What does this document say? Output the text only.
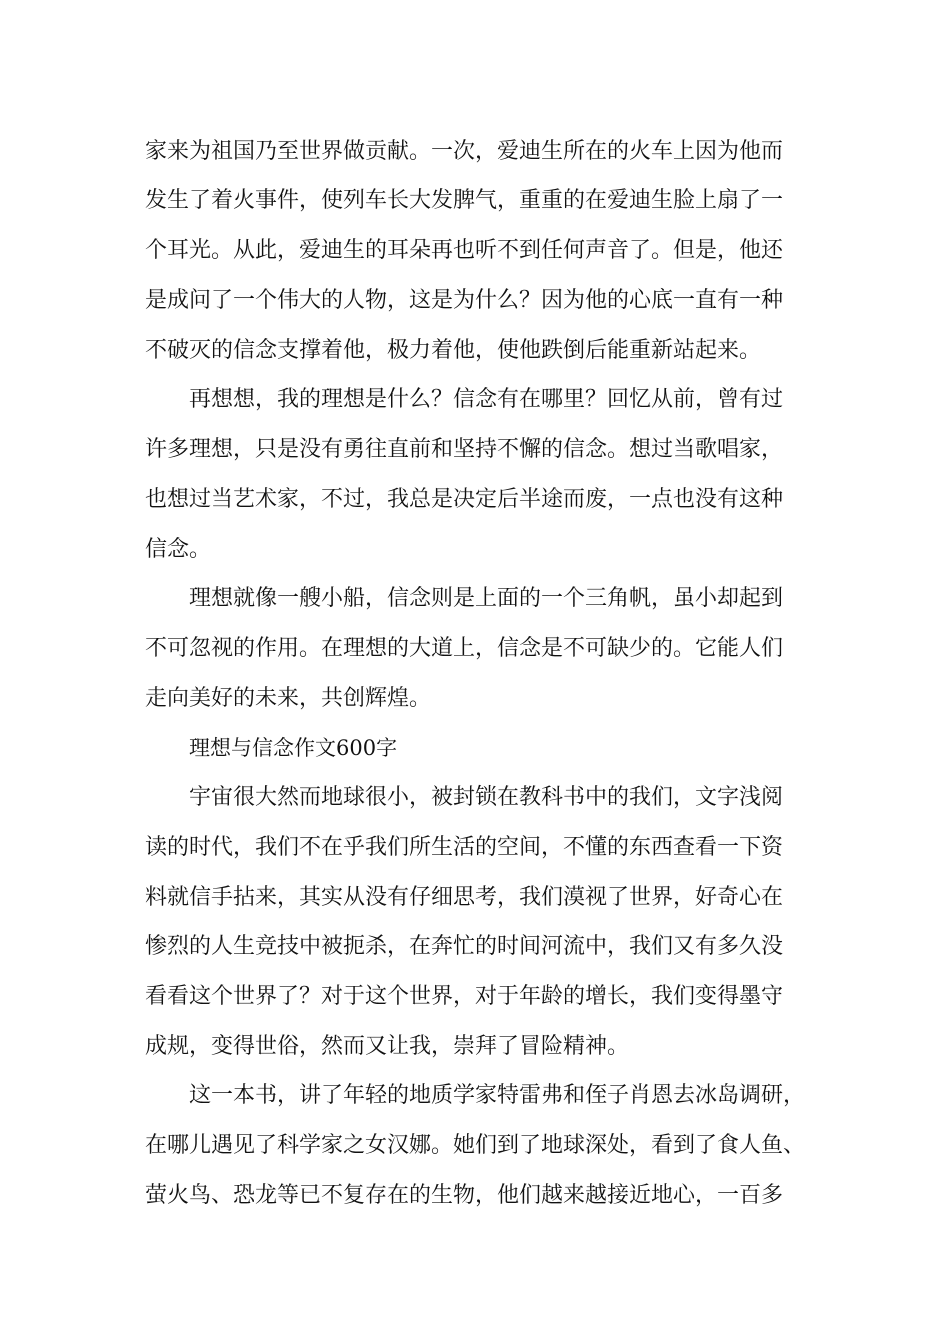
家来为祖国乃至世界做贡献。一次，爱迪生所在的火车上因为他而
发生了着火事件，使列车长大发脾气，重重的在爱迪生脸上扇了一
个耳光。从此，爱迪生的耳朵再也听不到任何声音了。但是，他还
是成问了一个伟大的人物，这是为什么？因为他的心底一直有一种
不破灭的信念支撑着他，极力着他，使他跌倒后能重新站起来。
再想想，我的理想是什么？信念有在哪里？回忆从前，曾有过
许多理想，只是没有勇往直前和坚持不懈的信念。想过当歌唱家，
也想过当艺术家，不过，我总是决定后半途而废，一点也没有这种
信念。
理想就像一艘小船，信念则是上面的一个三角帆，虽小却起到
不可忽视的作用。在理想的大道上，信念是不可缺少的。它能人们
走向美好的未来，共创辉煌。
理想与信念作文600字
宇宙很大然而地球很小，被封锁在教科书中的我们，文字浅阅
读的时代，我们不在乎我们所生活的空间，不懂的东西查看一下资
料就信手拈来，其实从没有仔细思考，我们漠视了世界，好奇心在
惨烈的人生竞技中被扼杀，在奔忙的时间河流中，我们又有多久没
看看这个世界了？对于这个世界，对于年龄的增长，我们变得墨守
成规，变得世俗，然而又让我，崇拜了冒险精神。
这一本书，讲了年轻的地质学家特雷弗和侄子肖恩去冰岛调研，
在哪儿遇见了科学家之女汉娜。她们到了地球深处，看到了食人鱼、
萤火鸟、恐龙等已不复存在的生物，他们越来越接近地心，一百多
